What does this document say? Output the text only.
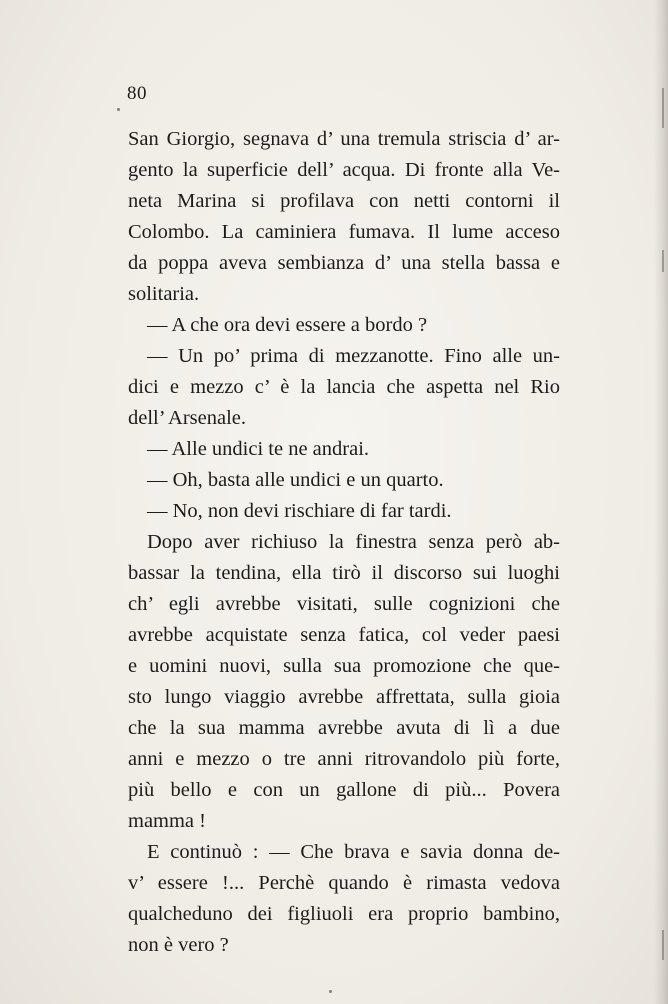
80
San Giorgio, segnava d’ una tremula striscia d’ ar-
gento la superficie dell’ acqua. Di fronte alla Ve-
neta Marina si profilava con netti contorni il
Colombo. La caminiera fumava. Il lume acceso
da poppa aveva sembianza d’ una stella bassa e
solitaria.
— A che ora devi essere a bordo ?
— Un po’ prima di mezzanotte. Fino alle un-
dici e mezzo c’ è la lancia che aspetta nel Rio
dell’ Arsenale.
— Alle undici te ne andrai.
— Oh, basta alle undici e un quarto.
— No, non devi rischiare di far tardi.
Dopo aver richiuso la finestra senza però ab-
bassar la tendina, ella tirò il discorso sui luoghi
ch’ egli avrebbe visitati, sulle cognizioni che
avrebbe acquistate senza fatica, col veder paesi
e uomini nuovi, sulla sua promozione che que-
sto lungo viaggio avrebbe affrettata, sulla gioia
che la sua mamma avrebbe avuta di lì a due
anni e mezzo o tre anni ritrovandolo più forte,
più bello e con un gallone di più... Povera
mamma !
E continuò : — Che brava e savia donna de-
v’ essere !... Perchè quando è rimasta vedova
qualcheduno dei figliuoli era proprio bambino,
non è vero ?
